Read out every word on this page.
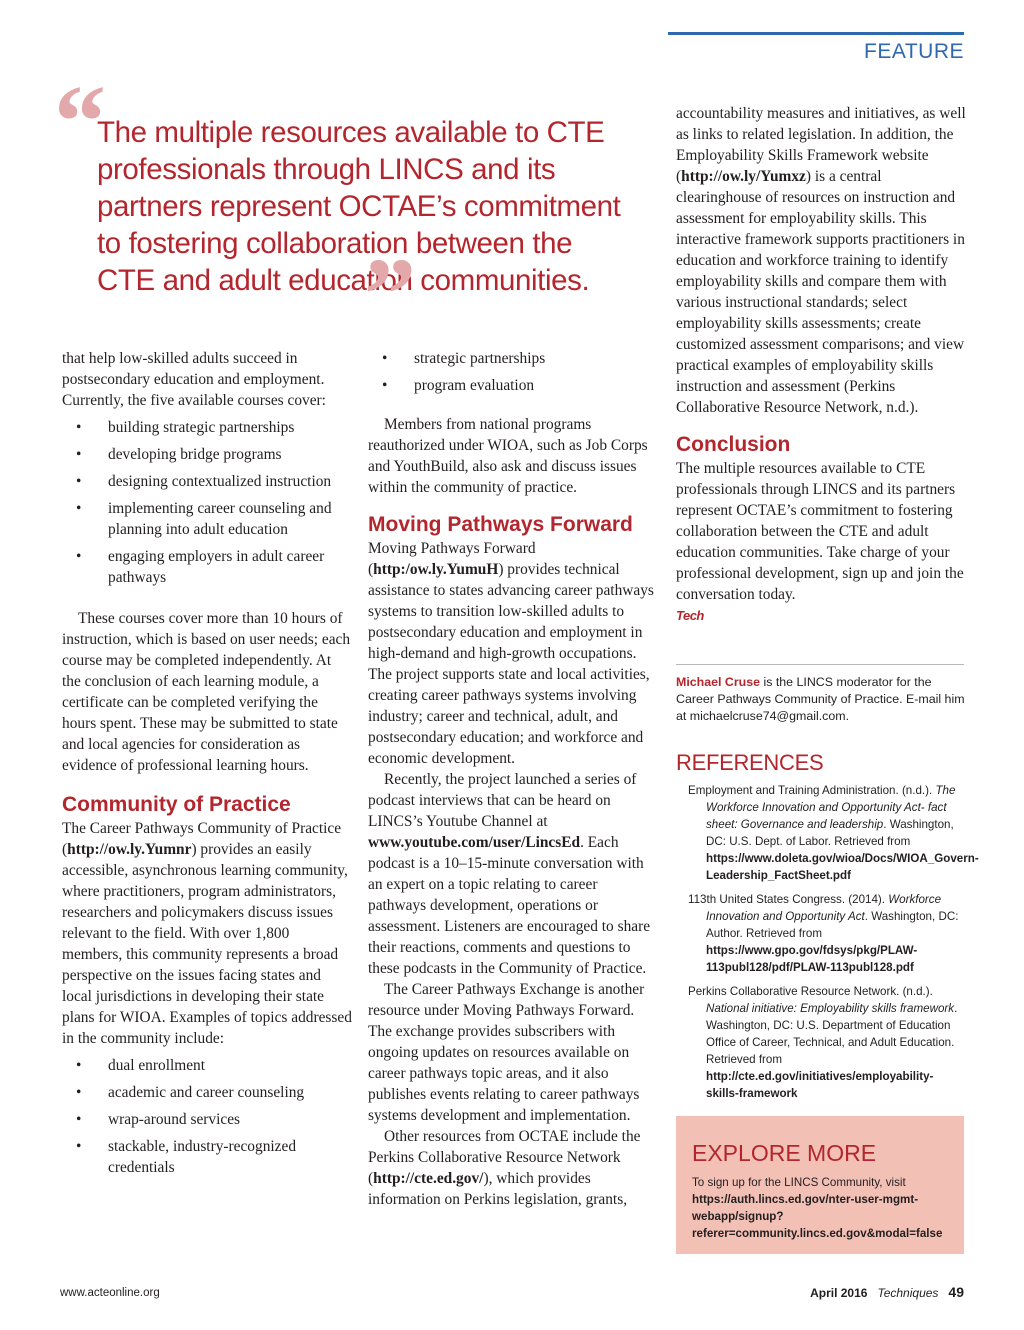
FEATURE
“
The multiple resources available to CTE professionals through LINCS and its partners represent OCTAE’s commitment to fostering collaboration between the CTE and adult education communities.
”

that help low-skilled adults succeed in postsecondary education and employment. Currently, the five available courses cover:

• building strategic partnerships
• developing bridge programs
• designing contextualized instruction
• implementing career counseling and planning into adult education
• engaging employers in adult career pathways

These courses cover more than 10 hours of instruction, which is based on user needs; each course may be completed independently. At the conclusion of each learning module, a certificate can be completed verifying the hours spent. These may be submitted to state and local agencies for consideration as evidence of professional learning hours.

Community of Practice

The Career Pathways Community of Practice (http://ow.ly.Yumnr) provides an easily accessible, asynchronous learning community, where practitioners, program administrators, researchers and policymakers discuss issues relevant to the field. With over 1,800 members, this community represents a broad perspective on the issues facing states and local jurisdictions in developing their state plans for WIOA. Examples of topics addressed in the community include:

• dual enrollment
• academic and career counseling
• wrap-around services
• stackable, industry-recognized credentials
• strategic partnerships
• program evaluation

Members from national programs reauthorized under WIOA, such as Job Corps and YouthBuild, also ask and discuss issues within the community of practice.

Moving Pathways Forward

Moving Pathways Forward (http:/ow.ly.YumuH) provides technical assistance to states advancing career pathways systems to transition low-skilled adults to postsecondary education and employment in high-demand and high-growth occupations. The project supports state and local activities, creating career pathways systems involving industry; career and technical, adult, and postsecondary education; and workforce and economic development.

Recently, the project launched a series of podcast interviews that can be heard on LINCS’s Youtube Channel at www.youtube.com/user/LincsEd. Each podcast is a 10–15-minute conversation with an expert on a topic relating to career pathways development, operations or assessment. Listeners are encouraged to share their reactions, comments and questions to these podcasts in the Community of Practice.

The Career Pathways Exchange is another resource under Moving Pathways Forward. The exchange provides subscribers with ongoing updates on resources available on career pathways topic areas, and it also publishes events relating to career pathways systems development and implementation.

Other resources from OCTAE include the Perkins Collaborative Resource Network (http://cte.ed.gov/), which provides information on Perkins legislation, grants,

accountability measures and initiatives, as well as links to related legislation. In addition, the Employability Skills Framework website (http://ow.ly/Yumxz) is a central clearinghouse of resources on instruction and assessment for employability skills. This interactive framework supports practitioners in education and workforce training to identify employability skills and compare them with various instructional standards; select employability skills assessments; create customized assessment comparisons; and view practical examples of employability skills instruction and assessment (Perkins Collaborative Resource Network, n.d.).

Conclusion

The multiple resources available to CTE professionals through LINCS and its partners represent OCTAE’s commitment to fostering collaboration between the CTE and adult education communities. Take charge of your professional development, sign up and join the conversation today.

Tech
Michael Cruse is the LINCS moderator for the Career Pathways Community of Practice. E-mail him at michaelcruse74@gmail.com.
REFERENCES
Employment and Training Administration. (n.d.). The Workforce Innovation and Opportunity Act- fact sheet: Governance and leadership. Washington, DC: U.S. Dept. of Labor. Retrieved from https://www.doleta.gov/wioa/Docs/WIOA_Govern-Leadership_FactSheet.pdf
113th United States Congress. (2014). Workforce Innovation and Opportunity Act. Washington, DC: Author. Retrieved from https://www.gpo.gov/fdsys/pkg/PLAW-113publ128/pdf/PLAW-113publ128.pdf
Perkins Collaborative Resource Network. (n.d.). National initiative: Employability skills framework. Washington, DC: U.S. Department of Education Office of Career, Technical, and Adult Education. Retrieved from http://cte.ed.gov/initiatives/employability-skills-framework
EXPLORE MORE
To sign up for the LINCS Community, visit https://auth.lincs.ed.gov/nter-user-mgmt-webapp/signup?referer=community.lincs.ed.gov&modal=false
www.acteonline.org	April 2016 Techniques 49
